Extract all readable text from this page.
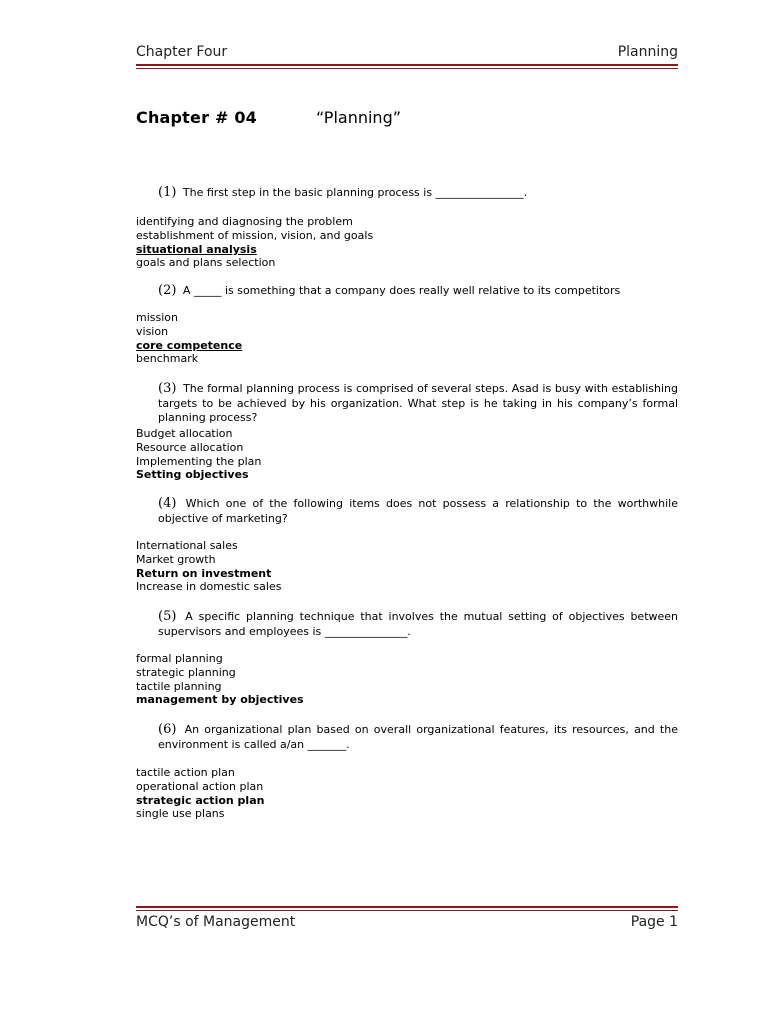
Chapter Four	Planning
Chapter # 04	“Planning”
(1) The first step in the basic planning process is ________________.
identifying and diagnosing the problem
establishment of mission, vision, and goals
situational analysis
goals and plans selection
(2) A _____ is something that a company does really well relative to its competitors
mission
vision
core competence
benchmark
(3) The formal planning process is comprised of several steps. Asad is busy with establishing targets to be achieved by his organization. What step is he taking in his company’s formal planning process?
Budget allocation
Resource allocation
Implementing the plan
Setting objectives
(4) Which one of the following items does not possess a relationship to the worthwhile objective of marketing?
International sales
Market growth
Return on investment
Increase in domestic sales
(5) A specific planning technique that involves the mutual setting of objectives between supervisors and employees is _______________.
formal planning
strategic planning
tactile planning
management by objectives
(6) An organizational plan based on overall organizational features, its resources, and the environment is called a/an _______.
tactile action plan
operational action plan
strategic action plan
single use plans
MCQ’s of Management	Page 1
